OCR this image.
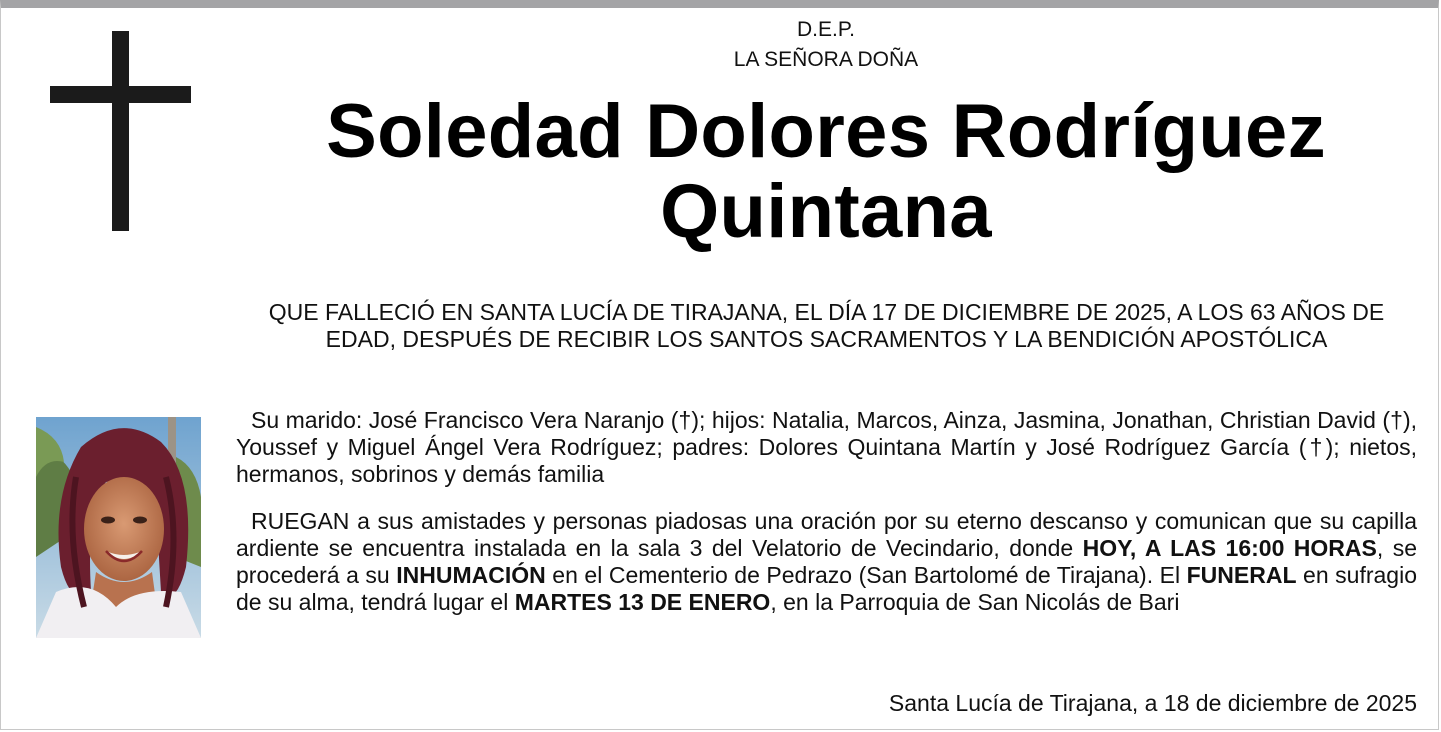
D.E.P.
LA SEÑORA DOÑA
Soledad Dolores Rodríguez
Quintana
QUE FALLECIÓ EN SANTA LUCÍA DE TIRAJANA, EL DÍA 17 DE DICIEMBRE DE 2025, A LOS 63 AÑOS DE EDAD, DESPUÉS DE RECIBIR LOS SANTOS SACRAMENTOS Y LA BENDICIÓN APOSTÓLICA
Su marido: José Francisco Vera Naranjo (†); hijos: Natalia, Marcos, Ainza, Jasmina, Jonathan, Christian David (†), Youssef y Miguel Ángel Vera Rodríguez; padres: Dolores Quintana Martín y José Rodríguez García (†); nietos, hermanos, sobrinos y demás familia
RUEGAN a sus amistades y personas piadosas una oración por su eterno descanso y comunican que su capilla ardiente se encuentra instalada en la sala 3 del Velatorio de Vecindario, donde HOY, A LAS 16:00 HORAS, se procederá a su INHUMACIÓN en el Cementerio de Pedrazo (San Bartolomé de Tirajana). El FUNERAL en sufragio de su alma, tendrá lugar el MARTES 13 DE ENERO, en la Parroquia de San Nicolás de Bari
Santa Lucía de Tirajana, a 18 de diciembre de 2025
